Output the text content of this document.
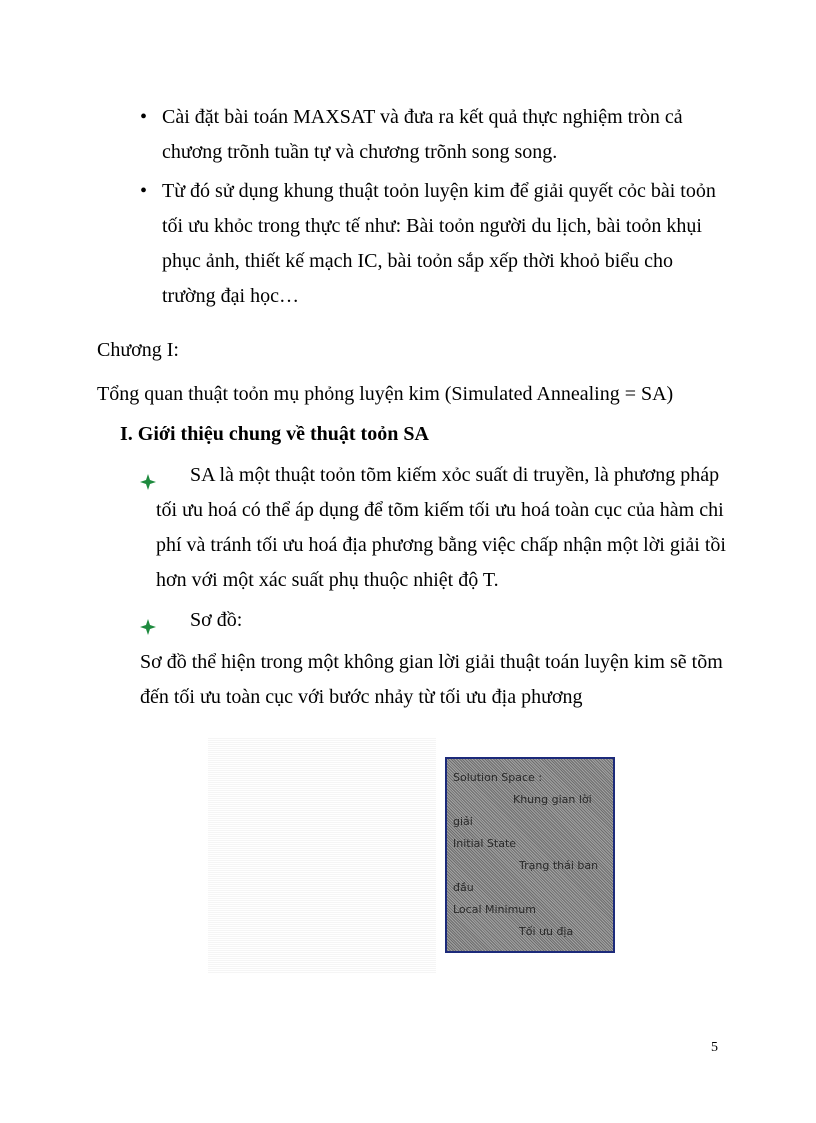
• Cài đặt bài toán MAXSAT và đưa ra kết quả thực nghiệm tròn cả chương trõnh tuần tự và chương trõnh song song.
• Từ đó sử dụng khung thuật toỏn luyện kim để giải quyết cỏc bài toỏn tối ưu khỏc trong thực tế như: Bài toỏn người du lịch, bài toỏn khụi phục ảnh, thiết kế mạch IC, bài toỏn sắp xếp thời khoỏ biểu cho trường đại học…
Chương I:
Tổng quan thuật toỏn mụ phỏng luyện kim (Simulated Annealing = SA)
I. Giới thiệu chung về thuật toỏn SA
SA là một thuật toỏn tõm kiếm xỏc suất di truyền, là phương pháp tối ưu hoá có thể áp dụng để tõm kiếm tối ưu hoá toàn cục của hàm chi phí và tránh tối ưu hoá địa phương bằng việc chấp nhận một lời giải tồi hơn với một xác suất phụ thuộc nhiệt độ T.
Sơ đồ:
Sơ đồ thể hiện trong một không gian lời giải thuật toán luyện kim sẽ tõm đến tối ưu toàn cục với bước nhảy từ tối ưu địa phương
Solution Space :
Khung gian lời
giải
Initial State
Trạng thái ban
đầu
Local Minimum
Tối ưu địa
5
